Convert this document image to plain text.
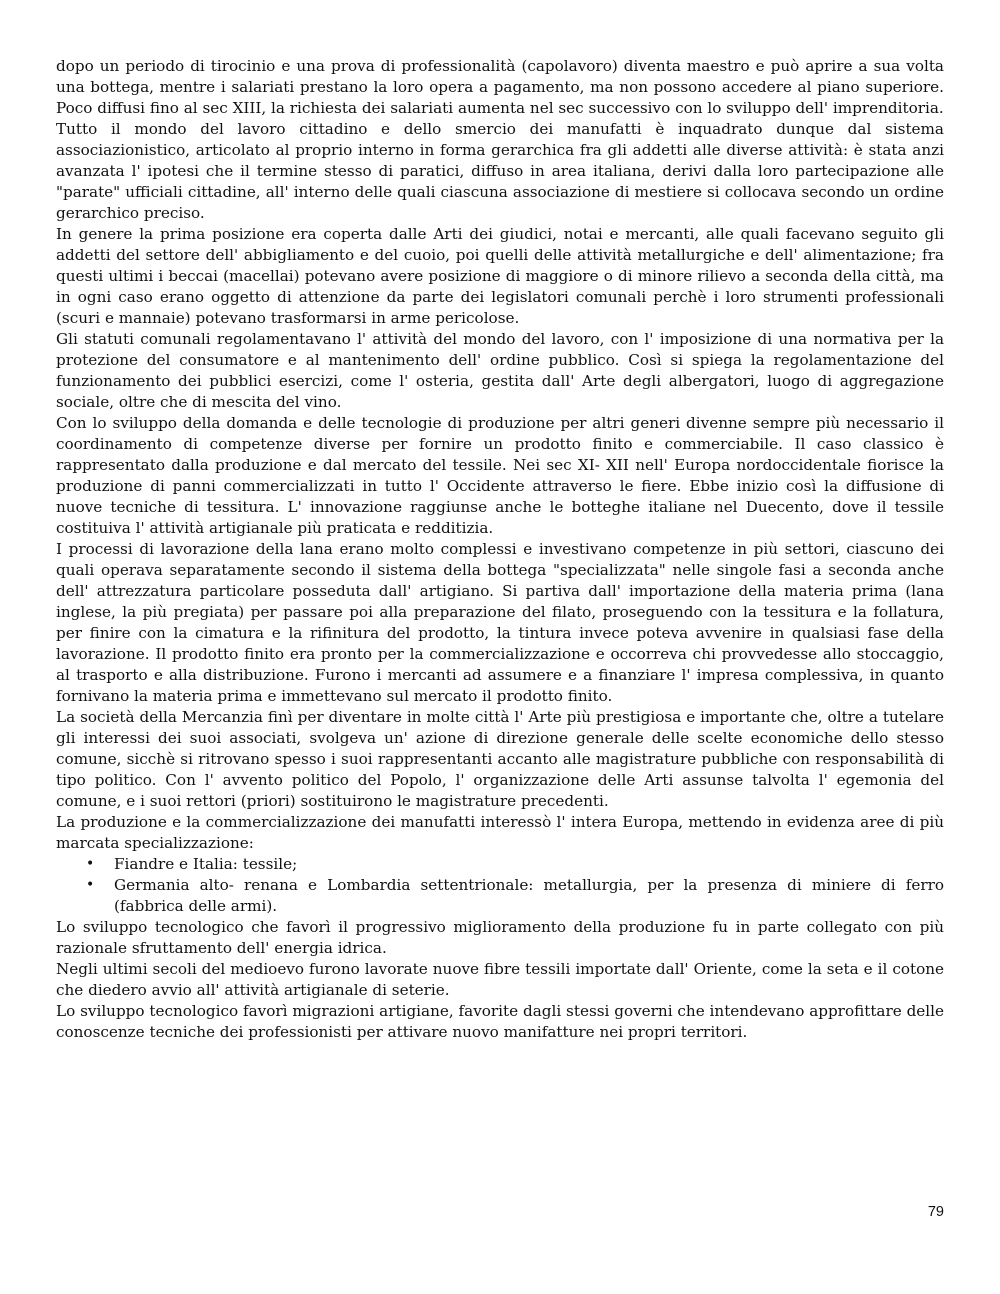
dopo un periodo di tirocinio e una prova di professionalità (capolavoro) diventa maestro e può aprire a sua volta una bottega, mentre i salariati prestano la loro opera a pagamento, ma non possono accedere al piano superiore. Poco diffusi fino al sec XIII, la richiesta dei salariati aumenta nel sec successivo con lo sviluppo dell' imprenditoria.

Tutto il mondo del lavoro cittadino e dello smercio dei manufatti è inquadrato dunque dal sistema associazionistico, articolato al proprio interno in forma gerarchica fra gli addetti alle diverse attività: è stata anzi avanzata l' ipotesi che il termine stesso di paratici, diffuso in area italiana, derivi dalla loro partecipazione alle "parate" ufficiali cittadine, all' interno delle quali ciascuna associazione di mestiere si collocava secondo un ordine gerarchico preciso.

In genere la prima posizione era coperta dalle Arti dei giudici, notai e mercanti, alle quali facevano seguito gli addetti del settore dell' abbigliamento e del cuoio, poi quelli delle attività metallurgiche e dell' alimentazione; fra questi ultimi i beccai (macellai) potevano avere posizione di maggiore o di minore rilievo a seconda della città, ma in ogni caso erano oggetto di attenzione da parte dei legislatori comunali perchè i loro strumenti professionali (scuri e mannaie) potevano trasformarsi in arme pericolose.

Gli statuti comunali regolamentavano l' attività del mondo del lavoro, con l' imposizione di una normativa per la protezione del consumatore e al mantenimento dell' ordine pubblico. Così si spiega la regolamentazione del funzionamento dei pubblici esercizi, come l' osteria, gestita dall' Arte degli albergatori, luogo di aggregazione sociale, oltre che di mescita del vino.

Con lo sviluppo della domanda e delle tecnologie di produzione per altri generi divenne sempre più necessario il coordinamento di competenze diverse per fornire un prodotto finito e commerciabile. Il caso classico è rappresentato dalla produzione e dal mercato del tessile. Nei sec XI- XII nell' Europa nordoccidentale fiorisce la produzione di panni commercializzati in tutto l' Occidente attraverso le fiere. Ebbe inizio così la diffusione di nuove tecniche di tessitura. L' innovazione raggiunse anche le botteghe italiane nel Duecento, dove il tessile costituiva l' attività artigianale più praticata e redditizia.

I processi di lavorazione della lana erano molto complessi e investivano competenze in più settori, ciascuno dei quali operava separatamente secondo il sistema della bottega "specializzata" nelle singole fasi a seconda anche dell' attrezzatura particolare posseduta dall' artigiano. Si partiva dall' importazione della materia prima (lana inglese, la più pregiata) per passare poi alla preparazione del filato, proseguendo con la tessitura e la follatura, per finire con la cimatura e la rifinitura del prodotto, la tintura invece poteva avvenire in qualsiasi fase della lavorazione. Il prodotto finito era pronto per la commercializzazione e occorreva chi provvedesse allo stoccaggio, al trasporto e alla distribuzione. Furono i mercanti ad assumere e a finanziare l' impresa complessiva, in quanto fornivano la materia prima e immettevano sul mercato il prodotto finito.

La società della Mercanzia finì per diventare in molte città l' Arte più prestigiosa e importante che, oltre a tutelare gli interessi dei suoi associati, svolgeva un' azione di direzione generale delle scelte economiche dello stesso comune, sicchè si ritrovano spesso i suoi rappresentanti accanto alle magistrature pubbliche con responsabilità di tipo politico. Con l' avvento politico del Popolo, l' organizzazione delle Arti assunse talvolta l' egemonia del comune, e i suoi rettori (priori) sostituirono le magistrature precedenti.

La produzione e la commercializzazione dei manufatti interessò l' intera Europa, mettendo in evidenza aree di più marcata specializzazione:

• Fiandre e Italia: tessile;
• Germania alto- renana e Lombardia settentrionale: metallurgia, per la presenza di miniere di ferro (fabbrica delle armi).

Lo sviluppo tecnologico che favorì il progressivo miglioramento della produzione fu in parte collegato con più razionale sfruttamento dell' energia idrica.

Negli ultimi secoli del medioevo furono lavorate nuove fibre tessili importate dall' Oriente, come la seta e il cotone che diedero avvio all' attività artigianale di seterie.

Lo sviluppo tecnologico favorì migrazioni artigiane, favorite dagli stessi governi che intendevano approfittare delle conoscenze tecniche dei professionisti per attivare nuovo manifatture nei propri territori.

79
